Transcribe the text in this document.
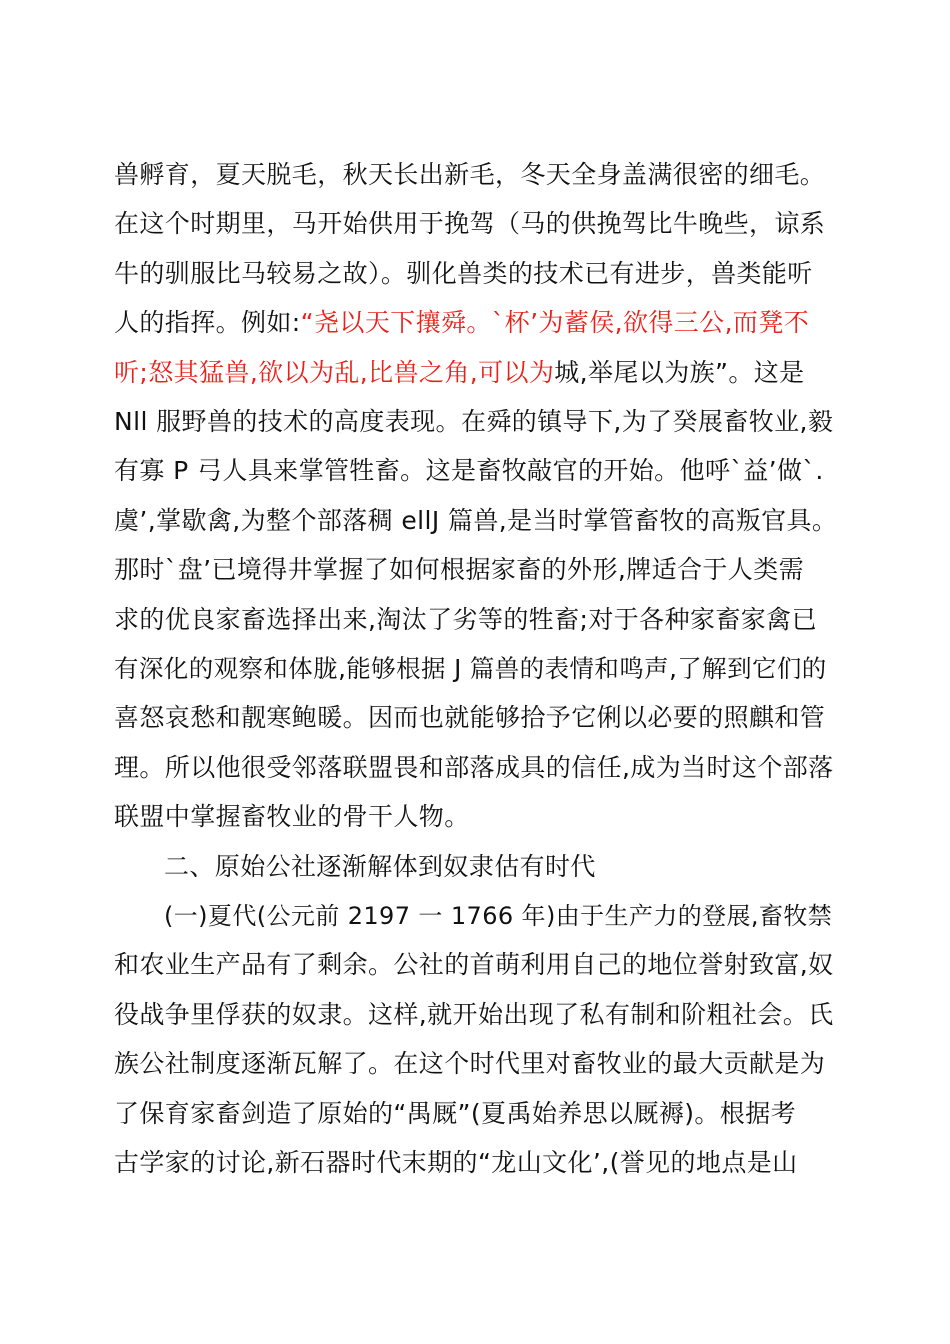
兽孵育，夏天脱毛，秋天长出新毛，冬天全身盖满很密的细毛。
在这个时期里，马开始供用于挽驾（马的供挽驾比牛晚些，谅系
牛的驯服比马较易之故）。驯化兽类的技术已有进步，兽类能听
人的指挥。例如:“尧以天下攘舜。`杯’为蓄侯,欲得三公,而凳不
听;怒其猛兽,欲以为乱,比兽之角,可以为城,举尾以为族”。这是
Nll 服野兽的技术的高度表现。在舜的镇导下,为了癸展畜牧业,毅
有寡 P 弓人具来掌管牲畜。这是畜牧敲官的开始。他呼`益’做`.
虞’,掌歇禽,为整个部落稠 ellJ 篇兽,是当时掌管畜牧的高叛官具。
那时`盘’已境得井掌握了如何根据家畜的外形,牌适合于人类需
求的优良家畜选择出来,淘汰了劣等的牲畜;对于各种家畜家禽已
有深化的观察和体胧,能够根据 J 篇兽的表情和鸣声,了解到它们的
喜怒哀愁和靓寒鲍暖。因而也就能够拾予它俐以必要的照麒和管
理。所以他很受邻落联盟畏和部落成具的信任,成为当时这个部落
联盟中掌握畜牧业的骨干人物。
二、原始公社逐渐解体到奴隶估有时代
(一)夏代(公元前 2197 一 1766 年)由于生产力的登展,畜牧禁
和农业生产品有了剩余。公社的首萌利用自己的地位誉射致富,奴
役战争里俘获的奴隶。这样,就开始出现了私有制和阶粗社会。氏
族公社制度逐渐瓦解了。在这个时代里对畜牧业的最大贡献是为
了保育家畜剑造了原始的“禺厩”(夏禹始养思以厩褥)。根据考
古学家的讨论,新石器时代末期的“龙山文化’,(誉见的地点是山
